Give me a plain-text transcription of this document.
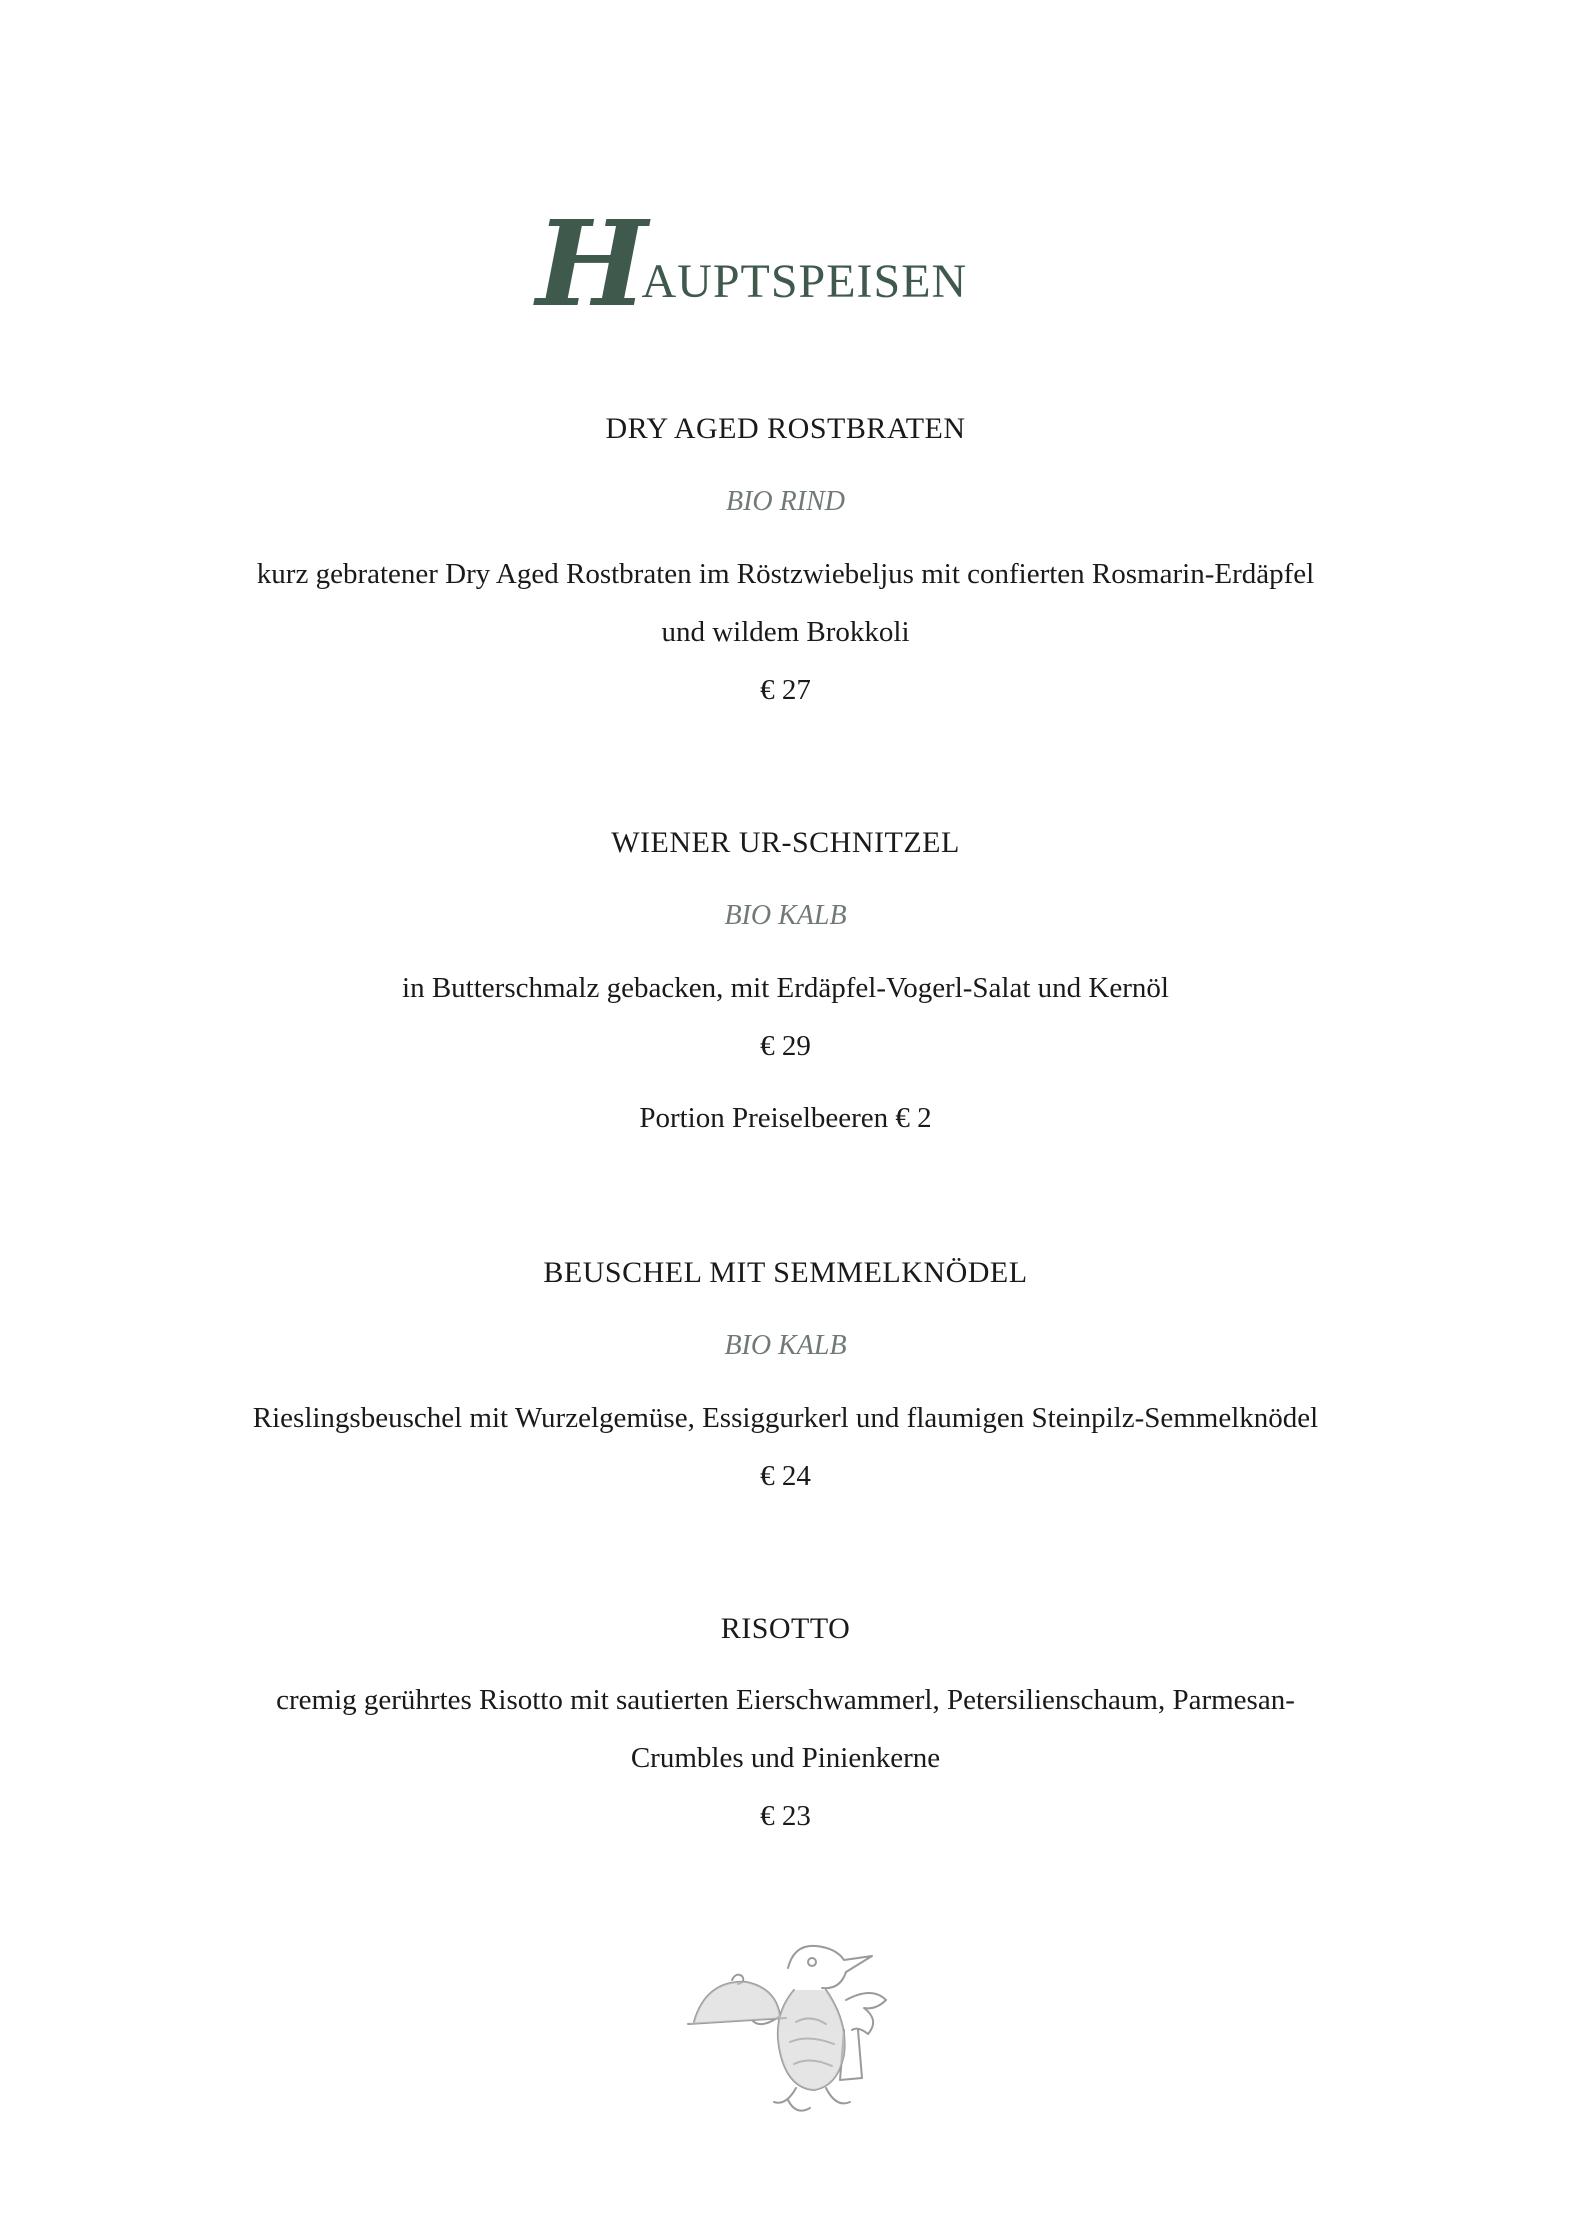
HAUPTSPEISEN
DRY AGED ROSTBRATEN
BIO RIND
kurz gebratener Dry Aged Rostbraten im Röstzwiebeljus mit confierten Rosmarin-Erdäpfel
und wildem Brokkoli
€ 27
WIENER UR-SCHNITZEL
BIO KALB
in Butterschmalz gebacken, mit Erdäpfel-Vogerl-Salat und Kernöl
€ 29
Portion Preiselbeeren € 2
BEUSCHEL MIT SEMMELKNÖDEL
BIO KALB
Rieslingsbeuschel mit Wurzelgemüse, Essiggurkerl und flaumigen Steinpilz-Semmelknödel
€ 24
RISOTTO
cremig gerührtes Risotto mit sautierten Eierschwammerl, Petersilienschaum, Parmesan-
Crumbles und Pinienkerne
€ 23
